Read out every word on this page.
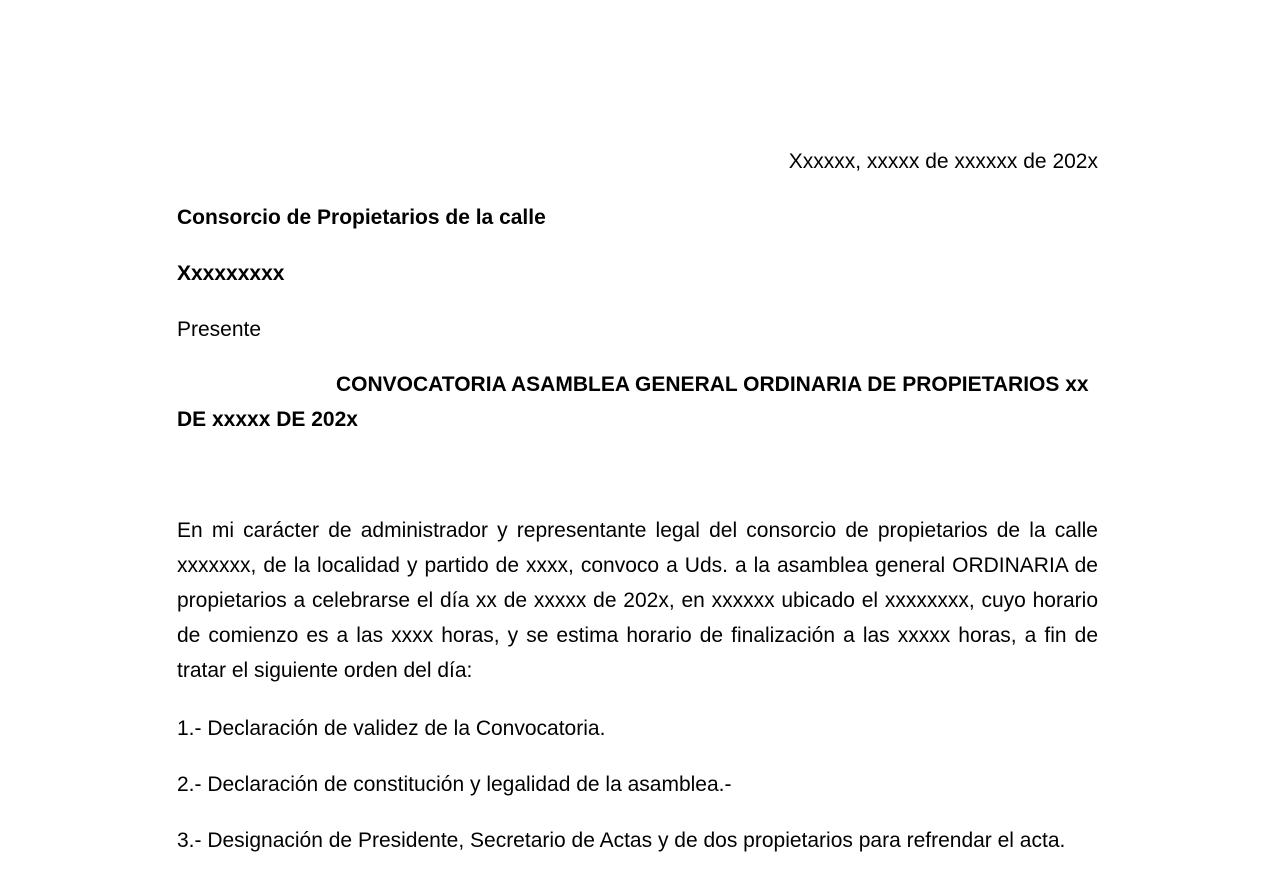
Xxxxxx, xxxxx de xxxxxx de 202x

Consorcio de Propietarios de la calle

Xxxxxxxxx

Presente

CONVOCATORIA ASAMBLEA GENERAL ORDINARIA DE PROPIETARIOS xx DE xxxxx DE 202x

En mi carácter de administrador y representante legal del consorcio de propietarios de la calle xxxxxxx, de la localidad y partido de xxxx, convoco a Uds. a la asamblea general ORDINARIA de propietarios a celebrarse el día xx de xxxxx de 202x, en xxxxxx ubicado el xxxxxxxx, cuyo horario de comienzo es a las xxxx horas, y se estima horario de finalización a las xxxxx horas, a fin de tratar el siguiente orden del día:

1.- Declaración de validez de la Convocatoria.

2.- Declaración de constitución y legalidad de la asamblea.-

3.- Designación de Presidente, Secretario de Actas y de dos propietarios para refrendar el acta.
